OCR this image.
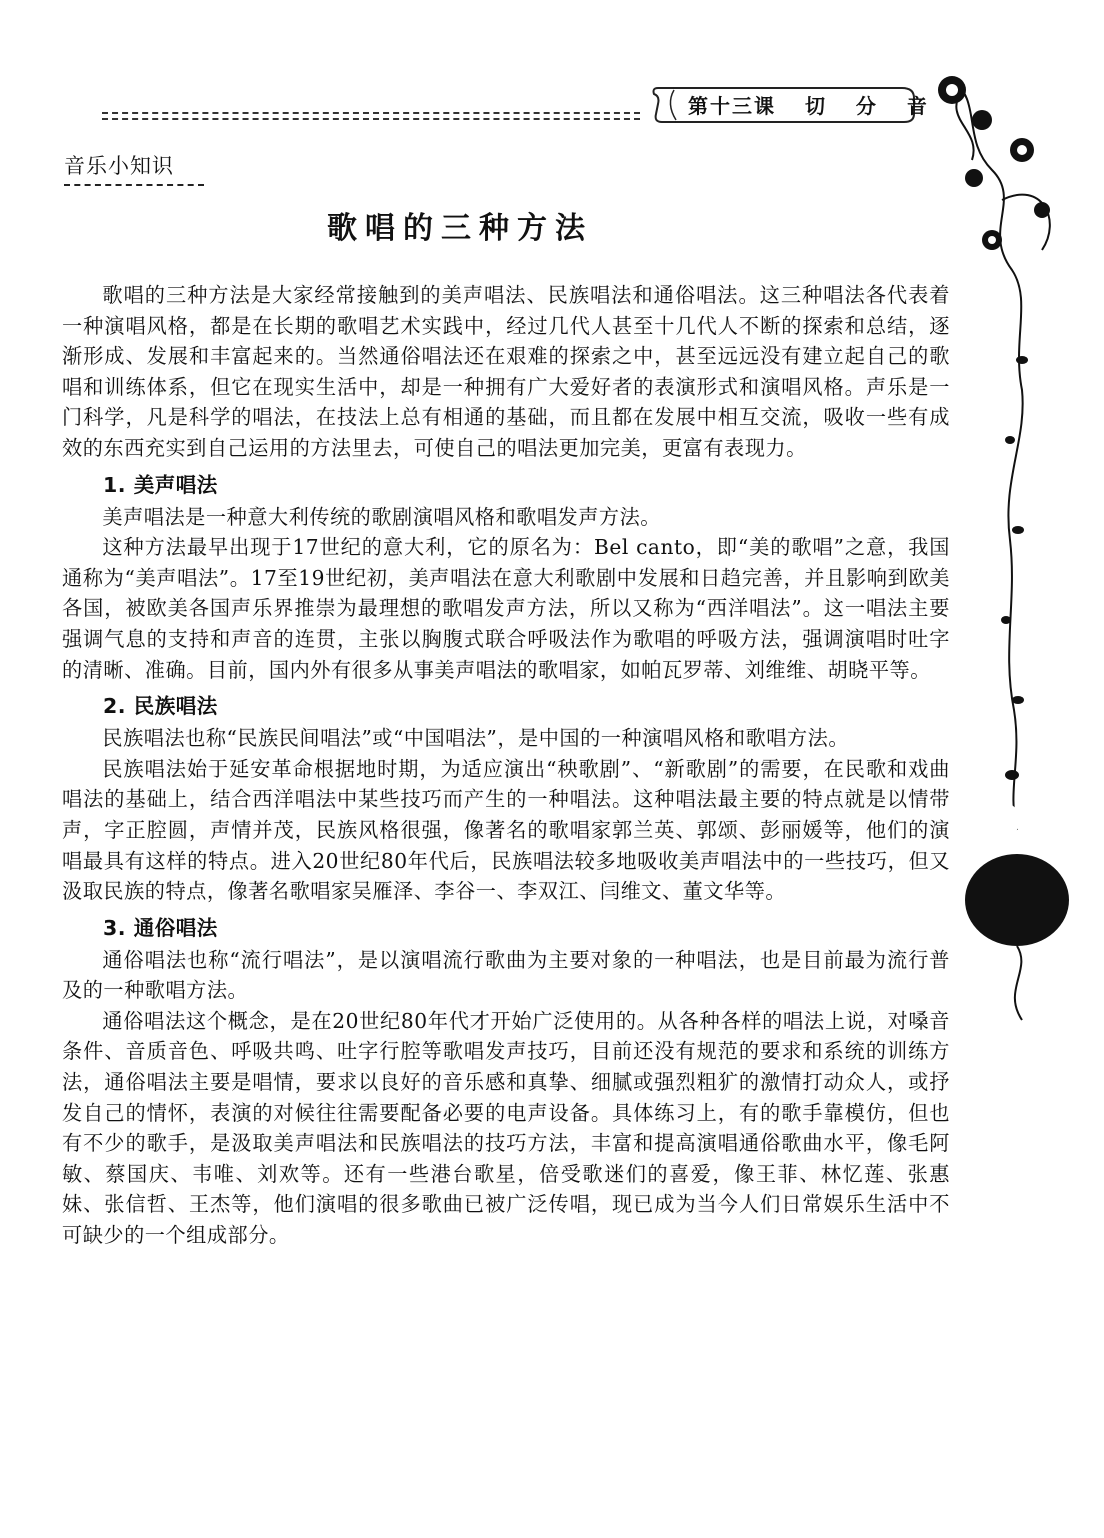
第十三课 切 分 音
音乐小知识
歌唱的三种方法

歌唱的三种方法是大家经常接触到的美声唱法、民族唱法和通俗唱法。这三种唱法各代表着一种演唱风格，都是在长期的歌唱艺术实践中，经过几代人甚至十几代人不断的探索和总结，逐渐形成、发展和丰富起来的。当然通俗唱法还在艰难的探索之中，甚至远远没有建立起自己的歌唱和训练体系，但它在现实生活中，却是一种拥有广大爱好者的表演形式和演唱风格。声乐是一门科学，凡是科学的唱法，在技法上总有相通的基础，而且都在发展中相互交流，吸收一些有成效的东西充实到自己运用的方法里去，可使自己的唱法更加完美，更富有表现力。

1. 美声唱法

美声唱法是一种意大利传统的歌剧演唱风格和歌唱发声方法。

这种方法最早出现于17世纪的意大利，它的原名为：Bel canto，即“美的歌唱”之意，我国通称为“美声唱法”。17至19世纪初，美声唱法在意大利歌剧中发展和日趋完善，并且影响到欧美各国，被欧美各国声乐界推崇为最理想的歌唱发声方法，所以又称为“西洋唱法”。这一唱法主要强调气息的支持和声音的连贯，主张以胸腹式联合呼吸法作为歌唱的呼吸方法，强调演唱时吐字的清晰、准确。目前，国内外有很多从事美声唱法的歌唱家，如帕瓦罗蒂、刘维维、胡晓平等。

2. 民族唱法

民族唱法也称“民族民间唱法”或“中国唱法”，是中国的一种演唱风格和歌唱方法。

民族唱法始于延安革命根据地时期，为适应演出“秧歌剧”、“新歌剧”的需要，在民歌和戏曲唱法的基础上，结合西洋唱法中某些技巧而产生的一种唱法。这种唱法最主要的特点就是以情带声，字正腔圆，声情并茂，民族风格很强，像著名的歌唱家郭兰英、郭颂、彭丽媛等，他们的演唱最具有这样的特点。进入20世纪80年代后，民族唱法较多地吸收美声唱法中的一些技巧，但又汲取民族的特点，像著名歌唱家吴雁泽、李谷一、李双江、闫维文、董文华等。

3. 通俗唱法

通俗唱法也称“流行唱法”，是以演唱流行歌曲为主要对象的一种唱法，也是目前最为流行普及的一种歌唱方法。

通俗唱法这个概念，是在20世纪80年代才开始广泛使用的。从各种各样的唱法上说，对嗓音条件、音质音色、呼吸共鸣、吐字行腔等歌唱发声技巧，目前还没有规范的要求和系统的训练方法，通俗唱法主要是唱情，要求以良好的音乐感和真挚、细腻或强烈粗犷的激情打动众人，或抒发自己的情怀，表演的对候往往需要配备必要的电声设备。具体练习上，有的歌手靠模仿，但也有不少的歌手，是汲取美声唱法和民族唱法的技巧方法，丰富和提高演唱通俗歌曲水平，像毛阿敏、蔡国庆、韦唯、刘欢等。还有一些港台歌星，倍受歌迷们的喜爱，像王菲、林忆莲、张惠妹、张信哲、王杰等，他们演唱的很多歌曲已被广泛传唱，现已成为当今人们日常娱乐生活中不可缺少的一个组成部分。
